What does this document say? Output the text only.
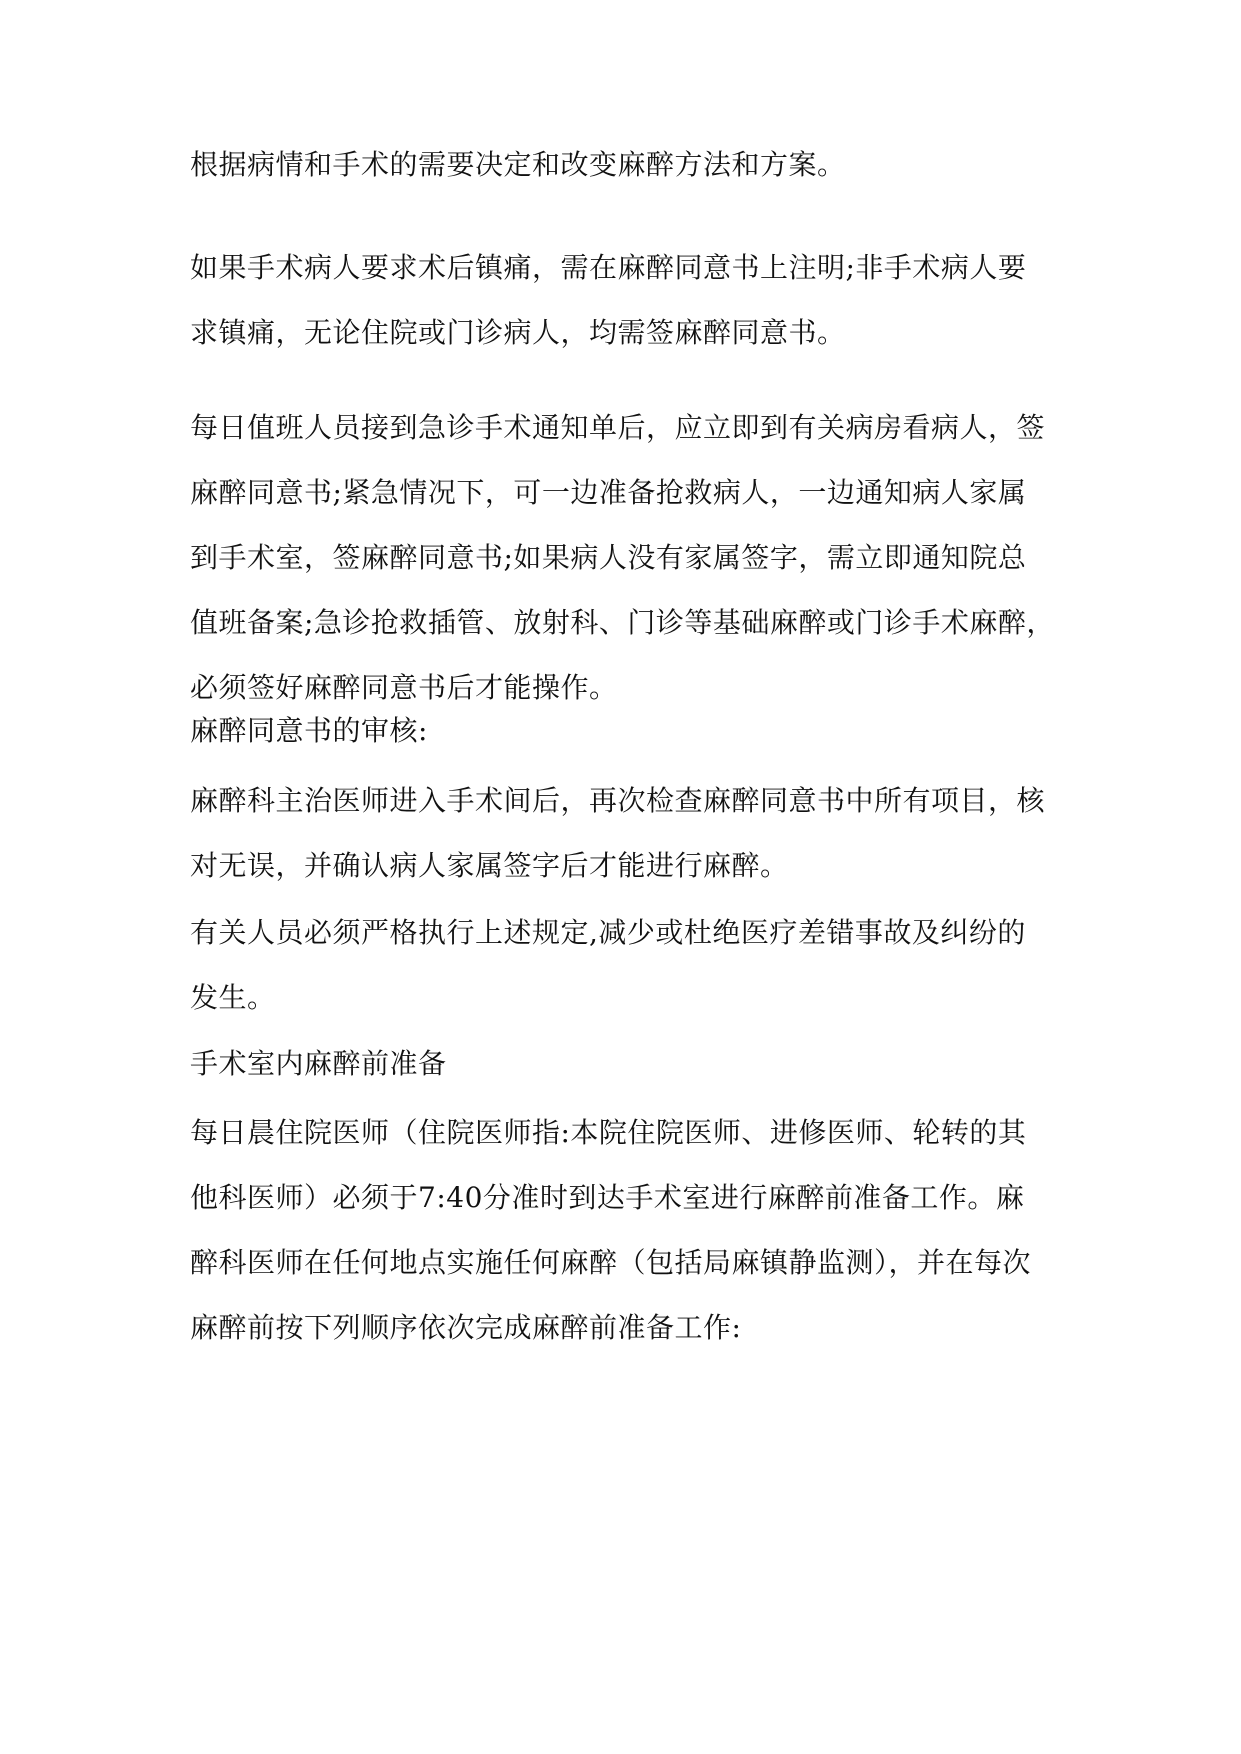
根据病情和手术的需要决定和改变麻醉方法和方案。

如果手术病人要求术后镇痛，需在麻醉同意书上注明;非手术病人要
求镇痛，无论住院或门诊病人，均需签麻醉同意书。

每日值班人员接到急诊手术通知单后，应立即到有关病房看病人，签
麻醉同意书;紧急情况下，可一边准备抢救病人，一边通知病人家属
到手术室，签麻醉同意书;如果病人没有家属签字，需立即通知院总
值班备案;急诊抢救插管、放射科、门诊等基础麻醉或门诊手术麻醉，
必须签好麻醉同意书后才能操作。

麻醉同意书的审核:

麻醉科主治医师进入手术间后，再次检查麻醉同意书中所有项目，核
对无误，并确认病人家属签字后才能进行麻醉。

有关人员必须严格执行上述规定,减少或杜绝医疗差错事故及纠纷的
发生。

手术室内麻醉前准备

每日晨住院医师（住院医师指:本院住院医师、进修医师、轮转的其
他科医师）必须于7:40分准时到达手术室进行麻醉前准备工作。麻
醉科医师在任何地点实施任何麻醉（包括局麻镇静监测），并在每次
麻醉前按下列顺序依次完成麻醉前准备工作:
